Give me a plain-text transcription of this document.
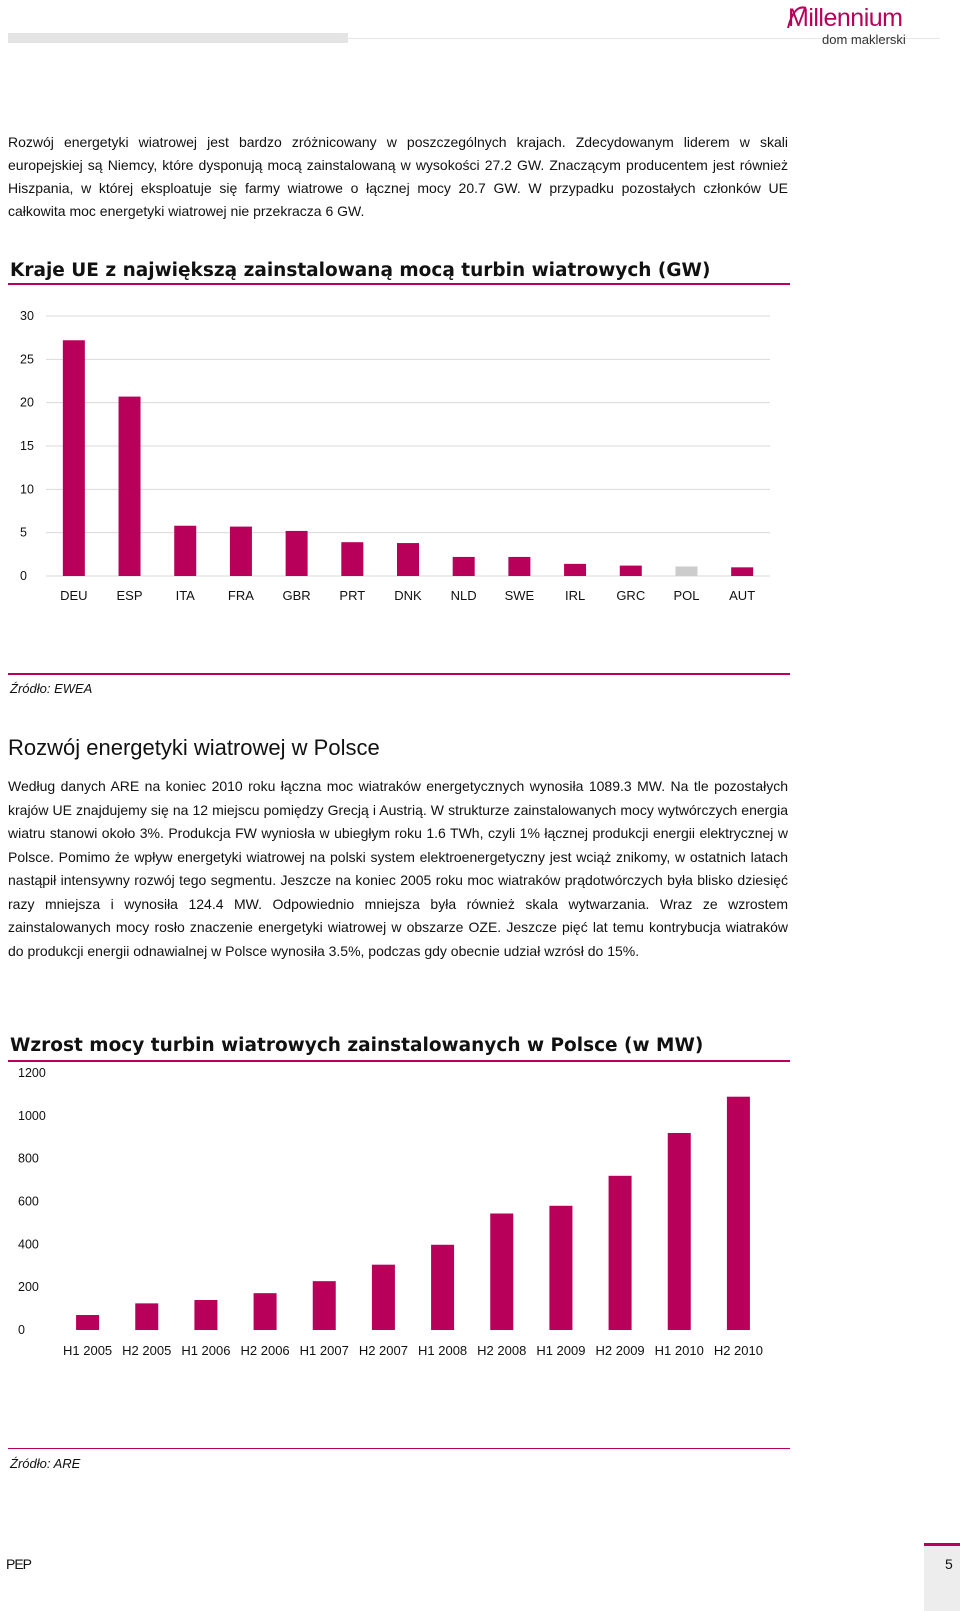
Millennium
dom maklerski
Rozwój energetyki wiatrowej jest bardzo zróżnicowany w poszczególnych krajach. Zdecydowanym liderem w skali europejskiej są Niemcy, które dysponują mocą zainstalowaną w wysokości 27.2 GW. Znaczącym producentem jest również Hiszpania, w której eksploatuje się farmy wiatrowe o łącznej mocy 20.7 GW. W przypadku pozostałych członków UE całkowita moc energetyki wiatrowej nie przekracza 6 GW.
Kraje UE z największą zainstalowaną mocą turbin wiatrowych (GW)
0
5
10
15
20
25
30
DEU ESP	ITA	FRA GBR PRT DNK NLD SWE IRL GRC POL AUT
Źródło: EWEA
Rozwój energetyki wiatrowej w Polsce
Według danych ARE na koniec 2010 roku łączna moc wiatraków energetycznych wynosiła 1089.3 MW. Na tle pozostałych krajów UE znajdujemy się na 12 miejscu pomiędzy Grecją i Austrią. W strukturze zainstalowanych mocy wytwórczych energia wiatru stanowi około 3%. Produkcja FW wyniosła w ubiegłym roku 1.6 TWh, czyli 1% łącznej produkcji energii elektrycznej w Polsce. Pomimo że wpływ energetyki wiatrowej na polski system elektroenergetyczny jest wciąż znikomy, w ostatnich latach nastąpił intensywny rozwój tego segmentu. Jeszcze na koniec 2005 roku moc wiatraków prądotwórczych była blisko dziesięć razy mniejsza i wynosiła 124.4 MW. Odpowiednio mniejsza była również skala wytwarzania. Wraz ze wzrostem zainstalowanych mocy rosło znaczenie energetyki wiatrowej w obszarze OZE. Jeszcze pięć lat temu kontrybucja wiatraków do produkcji energii odnawialnej w Polsce wynosiła 3.5%, podczas gdy obecnie udział wzrósł do 15%.
Wzrost mocy turbin wiatrowych zainstalowanych w Polsce (w MW)
0
200
400
600
800
1000
1200
H1 2005 H2 2005 H1 2006 H2 2006 H1 2007 H2 2007 H1 2008 H2 2008 H1 2009 H2 2009 H1 2010 H2 2010
Źródło: ARE
PEP	5
